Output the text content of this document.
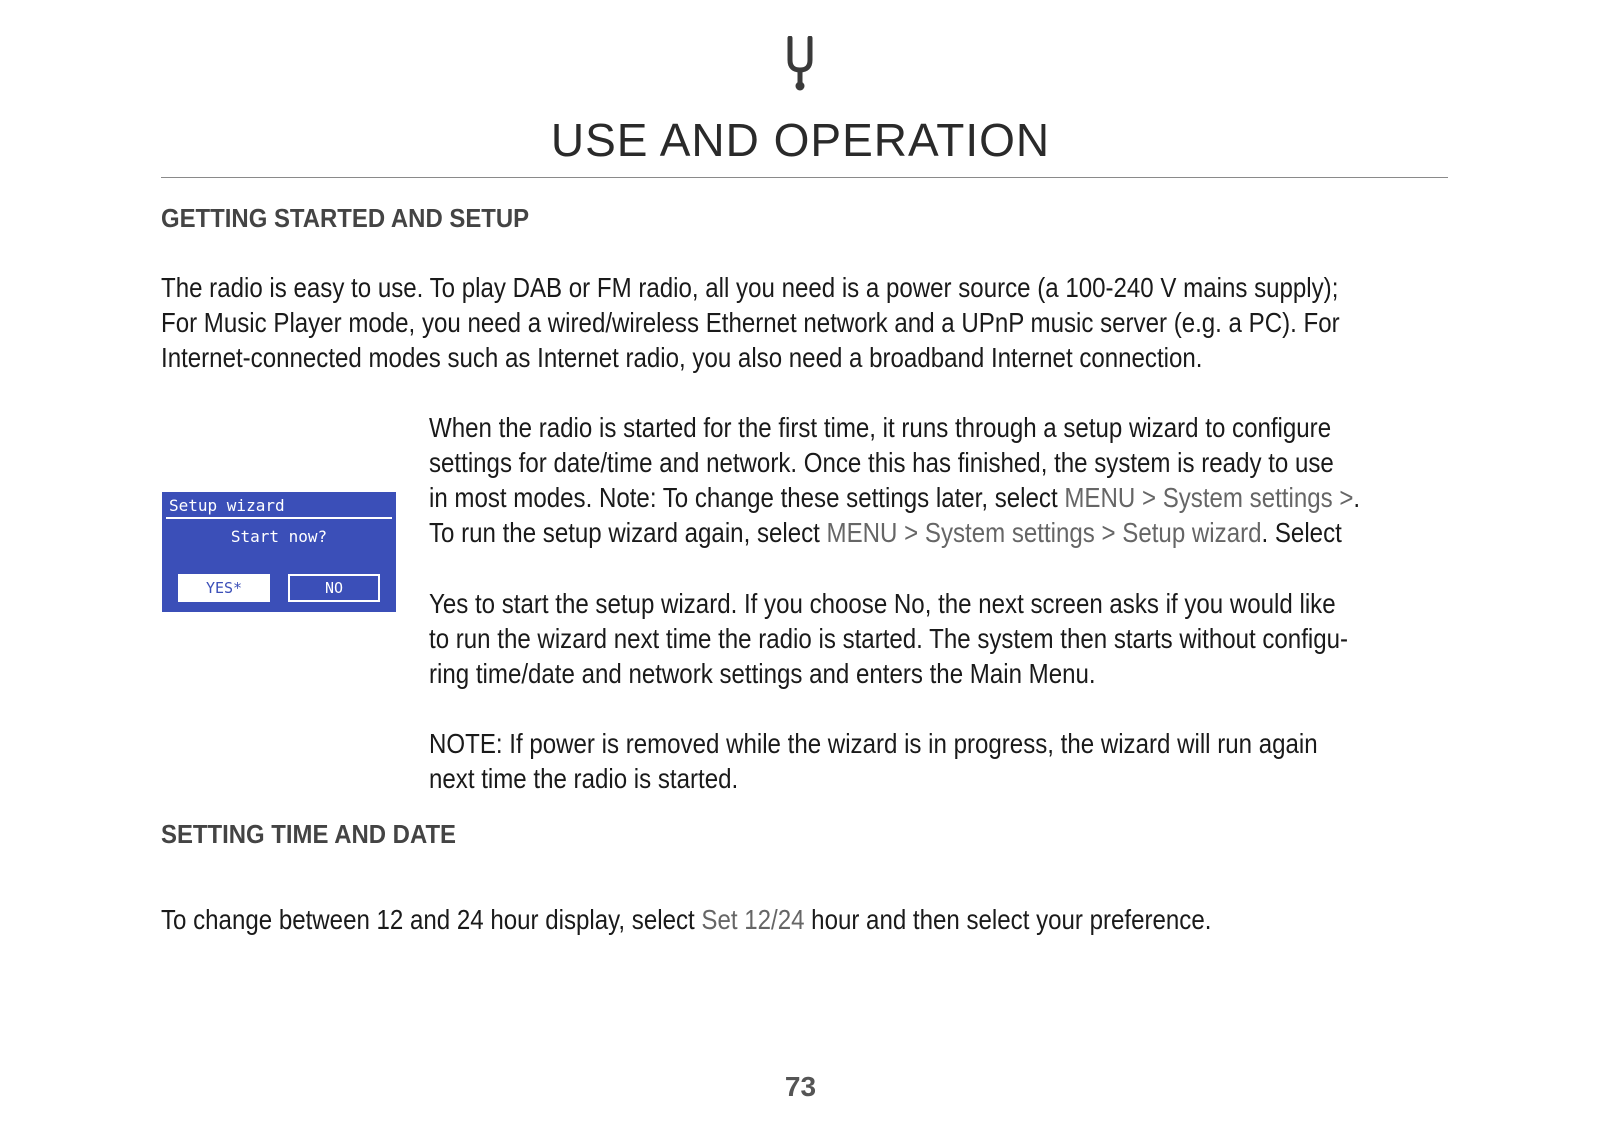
USE AND OPERATION
GETTING STARTED AND SETUP

The radio is easy to use. To play DAB or FM radio, all you need is a power source (a 100-240 V mains supply);
For Music Player mode, you need a wired/wireless Ethernet network and a UPnP music server (e.g. a PC). For
Internet-connected modes such as Internet radio, you also need a broadband Internet connection.

Setup wizard
Start now?
YES*	NO

When the radio is started for the first time, it runs through a setup wizard to configure
settings for date/time and network. Once this has finished, the system is ready to use
in most modes. Note: To change these settings later, select MENU > System settings >.
To run the setup wizard again, select MENU > System settings > Setup wizard. Select

Yes to start the setup wizard. If you choose No, the next screen asks if you would like
to run the wizard next time the radio is started. The system then starts without configu-
ring time/date and network settings and enters the Main Menu.

NOTE: If power is removed while the wizard is in progress, the wizard will run again
next time the radio is started.

SETTING TIME AND DATE

To change between 12 and 24 hour display, select Set 12/24 hour and then select your preference.

73
